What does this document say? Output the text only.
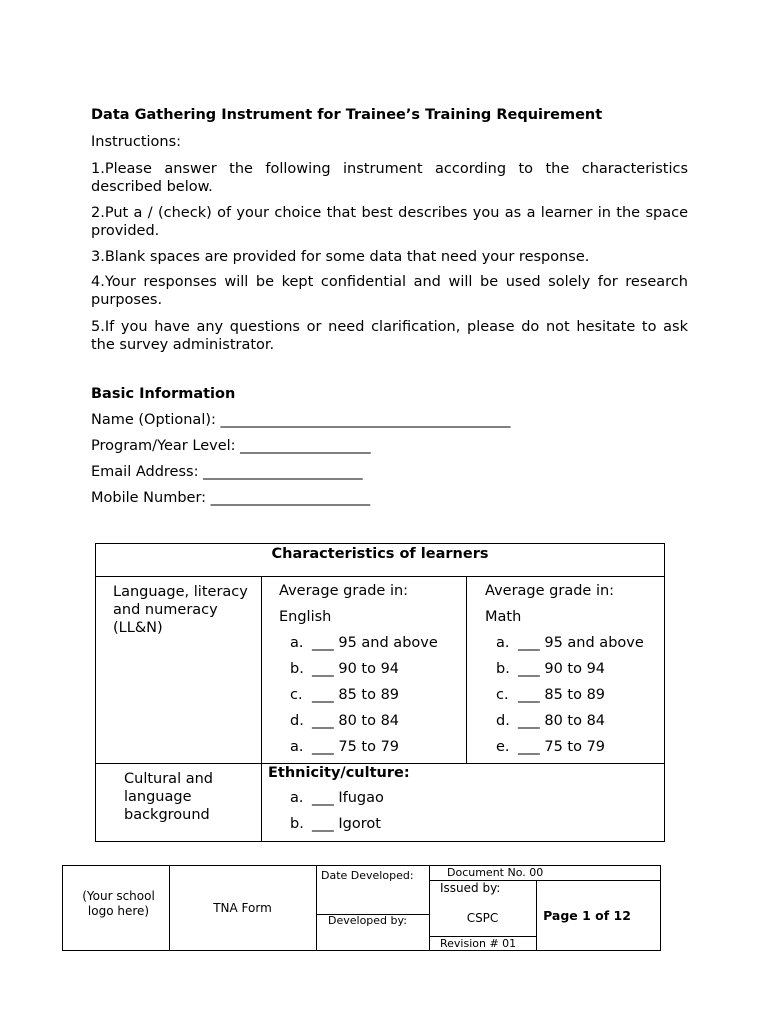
Data Gathering Instrument for Trainee’s Training Requirement
Instructions:
1.Please answer the following instrument according to the characteristics described below.
2.Put a / (check) of your choice that best describes you as a learner in the space provided.
3.Blank spaces are provided for some data that need your response.
4.Your responses will be kept confidential and will be used solely for research purposes.
5.If you have any questions or need clarification, please do not hesitate to ask the survey administrator.
Basic Information
Name (Optional): ________________________________________
Program/Year Level: __________________
Email Address: ______________________
Mobile Number: ______________________
Characteristics of learners
Language, literacy and numeracy (LL&N)
Average grade in:
English
a. ___ 95 and above
b. ___ 90 to 94
c. ___ 85 to 89
d. ___ 80 to 84
a. ___ 75 to 79
Average grade in:
Math
a. ___ 95 and above
b. ___ 90 to 94
c. ___ 85 to 89
d. ___ 80 to 84
e. ___ 75 to 79
Cultural and language background
Ethnicity/culture:
a. ___ Ifugao
b. ___ Igorot
(Your school logo here)	TNA Form
Date Developed:
Developed by:
Document No. 00
Issued by:
CSPC
Revision # 01
Page 1 of 12
